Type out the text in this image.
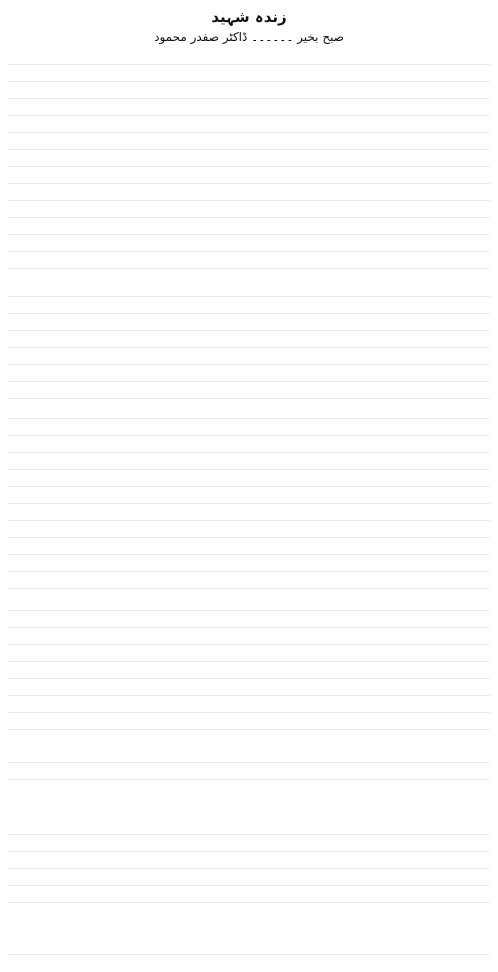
زندہ شہید
صبح بخیر ۔۔۔۔۔۔ ڈاکٹر صفدر محمود
